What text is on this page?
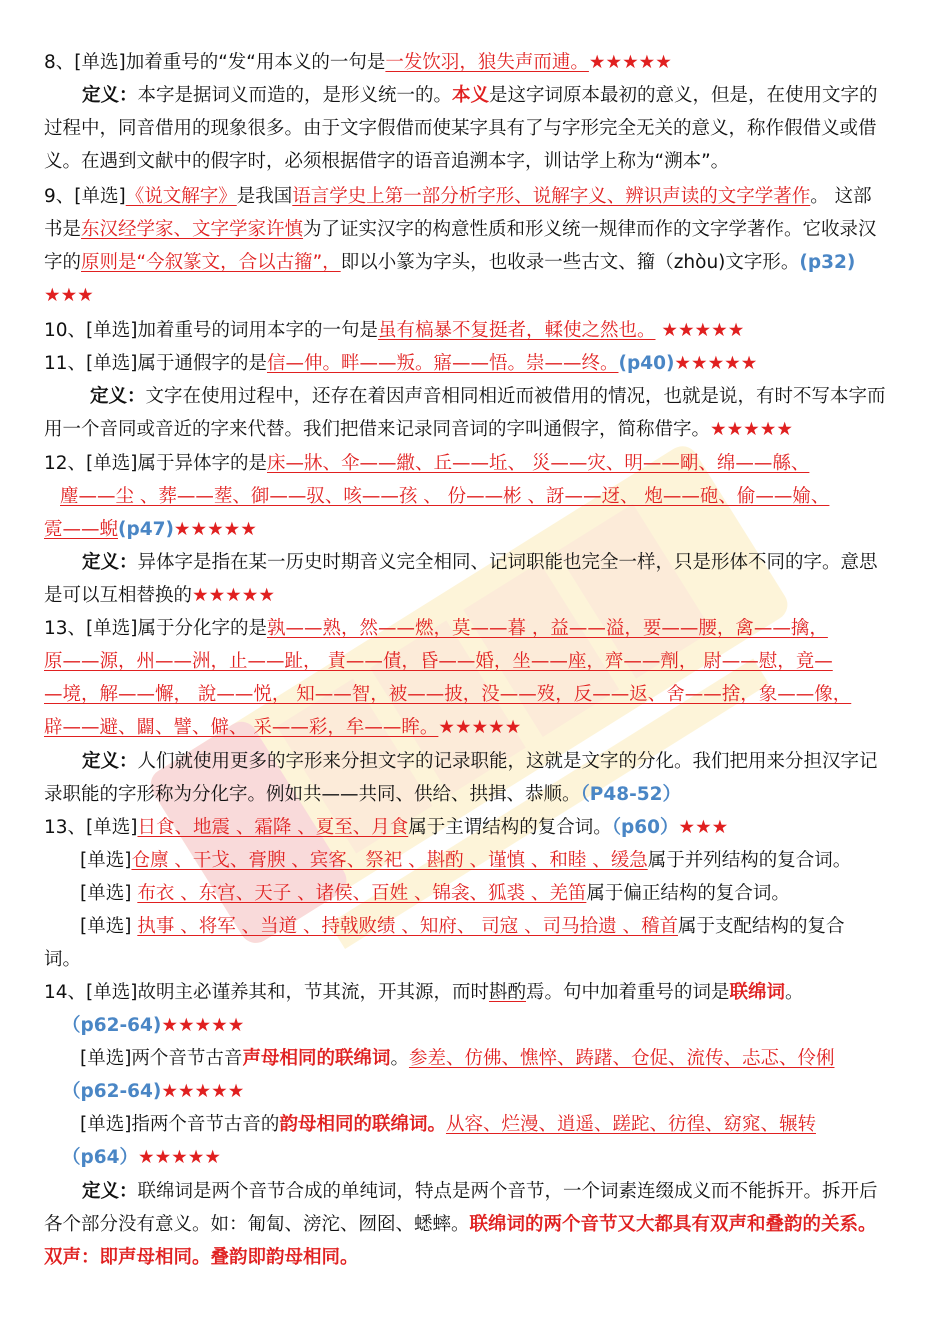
8、[单选]加着重号的“发“用本义的一句是一发饮羽，狼失声而逋。★★★★★
定义：本字是据词义而造的，是形义统一的。本义是这字词原本最初的意义，但是，在使用文字的
过程中，同音借用的现象很多。由于文字假借而使某字具有了与字形完全无关的意义，称作假借义或借
义。在遇到文献中的假字时，必须根据借字的语音追溯本字，训诂学上称为“溯本”。
9、[单选]《说文解字》是我国语言学史上第一部分析字形、说解字义、辨识声读的文字学著作。 这部
书是东汉经学家、文字学家许慎为了证实汉字的构意性质和形义统一规律而作的文字学著作。它收录汉
字的原则是“今叙篆文，合以古籀”，即以小篆为字头，也收录一些古文、籀（zhòu)文字形。(p32)
★★★
10、[单选]加着重号的词用本字的一句是虽有槁暴不复挺者，輮使之然也。 ★★★★★
11、[单选]属于通假字的是信—伸。畔——叛。寤——悟。崇——终。(p40)★★★★★
定义：文字在使用过程中，还存在着因声音相同相近而被借用的情况，也就是说，有时不写本字而
用一个音同或音近的字来代替。我们把借来记录同音词的字叫通假字，简称借字。★★★★★
12、[单选]属于异体字的是床—牀、伞——繖、丘——坵、 災——灾、明——朙、绵——緜、
麈——尘 、葬——塟、御——驭、咳——孩 、 份——彬 、訝——迓、 炮——砲、偷——媮、
霓——蜺(p47)★★★★★
定义：异体字是指在某一历史时期音义完全相同、记词职能也完全一样，只是形体不同的字。意思
是可以互相替换的★★★★★
13、[单选]属于分化字的是孰——熟，然——燃，莫——暮 ，益——溢，要——腰，禽——擒，
原——源，州——洲，止——趾， 責——債，昏——婚，坐——座，齊——劑， 尉——慰，竟—
—境，解——懈， 說——悦， 知——智，被——披，没——歿，反——返、舍——捨，象——像，
辟——避、闢、譬、僻、 采——彩，牟——眸。★★★★★
定义：人们就使用更多的字形来分担文字的记录职能，这就是文字的分化。我们把用来分担汉字记
录职能的字形称为分化字。例如共——共同、供给、拱揖、恭顺。（P48-52）
13、[单选]日食、地震 、霜降 、夏至、月食属于主谓结构的复合词。（p60）★★★
[单选]仓廪 、干戈、膏腴 、宾客、祭祀 、斟酌 、谨慎 、和睦 、缓急属于并列结构的复合词。
[单选] 布衣 、东宫、天子 、诸侯、百姓 、锦衾、狐裘 、羌笛属于偏正结构的复合词。
[单选] 执事 、将军 、当道 、持戟败绩 、知府、 司寇 、司马拾遗 、稽首属于支配结构的复合
词。
14、[单选]故明主必谨养其和，节其流，开其源，而时斟酌焉。句中加着重号的词是联绵词。
（p62-64)★★★★★
[单选]两个音节古音声母相同的联绵词。参差、仿佛、憔悴、踌躇、仓促、流传、忐忑、伶俐
（p62-64)★★★★★
[单选]指两个音节古音的韵母相同的联绵词。从容、烂漫、逍遥、蹉跎、彷徨、窈窕、辗转
（p64）★★★★★
定义：联绵词是两个音节合成的单纯词，特点是两个音节，一个词素连缀成义而不能拆开。拆开后
各个部分没有意义。如：匍匐、滂沱、囫囵、蟋蟀。联绵词的两个音节又大都具有双声和叠韵的关系。
双声：即声母相同。叠韵即韵母相同。
